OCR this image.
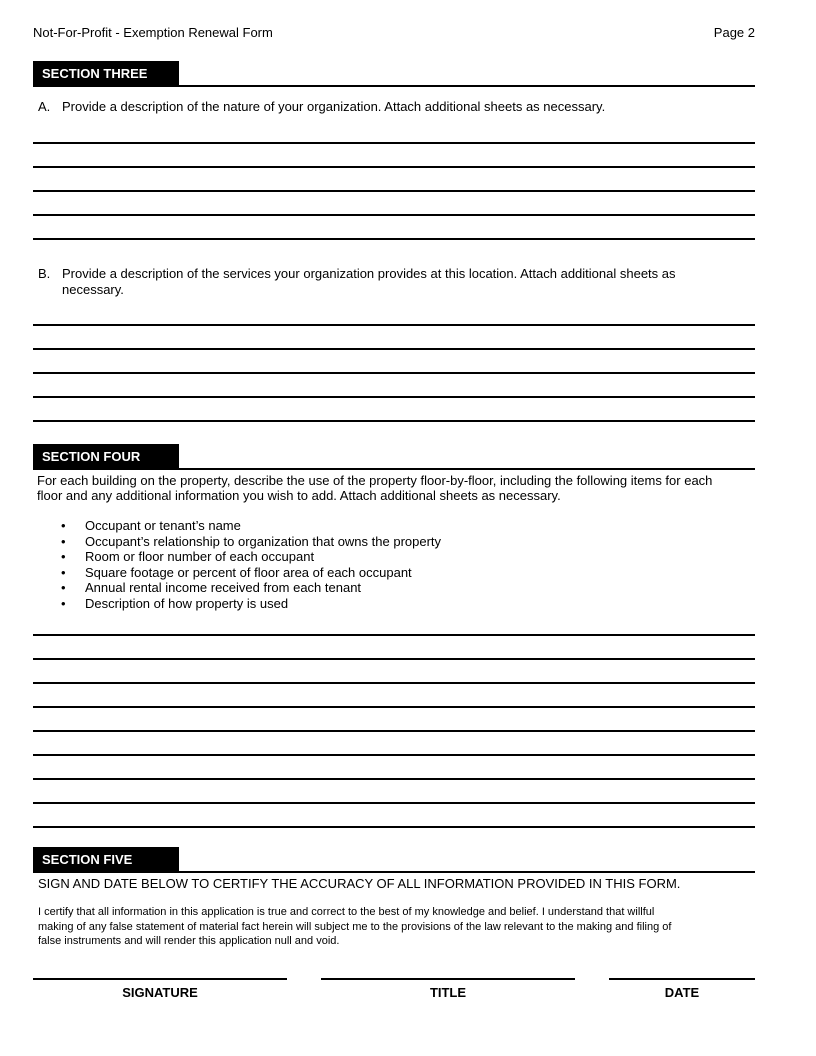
Not-For-Profit - Exemption Renewal Form	Page 2
SECTION THREE
A. Provide a description of the nature of your organization. Attach additional sheets as necessary.
B. Provide a description of the services your organization provides at this location. Attach additional sheets as
necessary.
SECTION FOUR
For each building on the property, describe the use of the property floor-by-floor, including the following items for each
floor and any additional information you wish to add. Attach additional sheets as necessary.
• Occupant or tenant’s name
• Occupant’s relationship to organization that owns the property
• Room or floor number of each occupant
• Square footage or percent of floor area of each occupant
• Annual rental income received from each tenant
• Description of how property is used
SECTION FIVE
SIGN AND DATE BELOW TO CERTIFY THE ACCURACY OF ALL INFORMATION PROVIDED IN THIS FORM.
I certify that all information in this application is true and correct to the best of my knowledge and belief. I understand that willful
making of any false statement of material fact herein will subject me to the provisions of the law relevant to the making and filing of
false instruments and will render this application null and void.
SIGNATURE	TITLE	DATE
